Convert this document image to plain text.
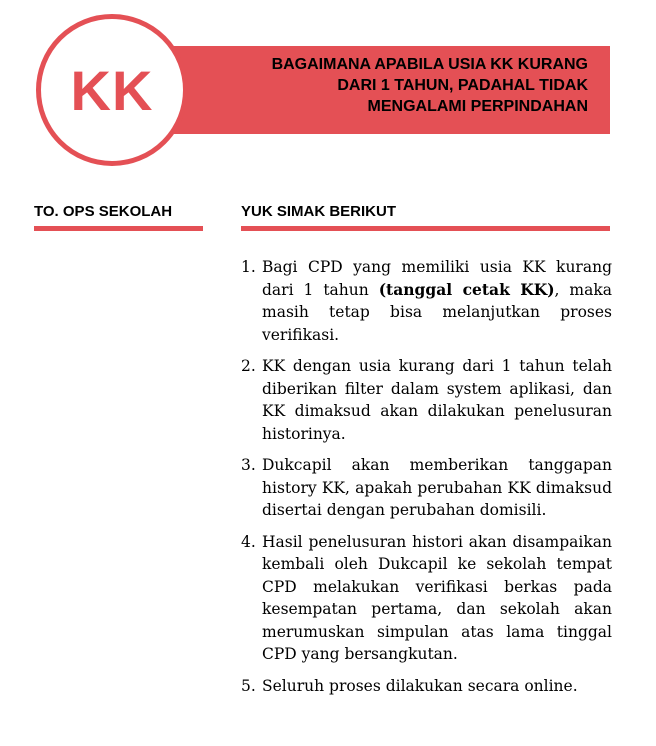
BAGAIMANA APABILA USIA KK KURANG DARI 1 TAHUN, PADAHAL TIDAK MENGALAMI PERPINDAHAN
KK
TO. OPS SEKOLAH	YUK SIMAK BERIKUT
1. Bagi CPD yang memiliki usia KK kurang dari 1 tahun (tanggal cetak KK), maka masih tetap bisa melanjutkan proses verifikasi.
2. KK dengan usia kurang dari 1 tahun telah diberikan filter dalam system aplikasi, dan KK dimaksud akan dilakukan penelusuran historinya.
3. Dukcapil akan memberikan tanggapan history KK, apakah perubahan KK dimaksud disertai dengan perubahan domisili.
4. Hasil penelusuran histori akan disampaikan kembali oleh Dukcapil ke sekolah tempat CPD melakukan verifikasi berkas pada kesempatan pertama, dan sekolah akan merumuskan simpulan atas lama tinggal CPD yang bersangkutan.
5. Seluruh proses dilakukan secara online.
